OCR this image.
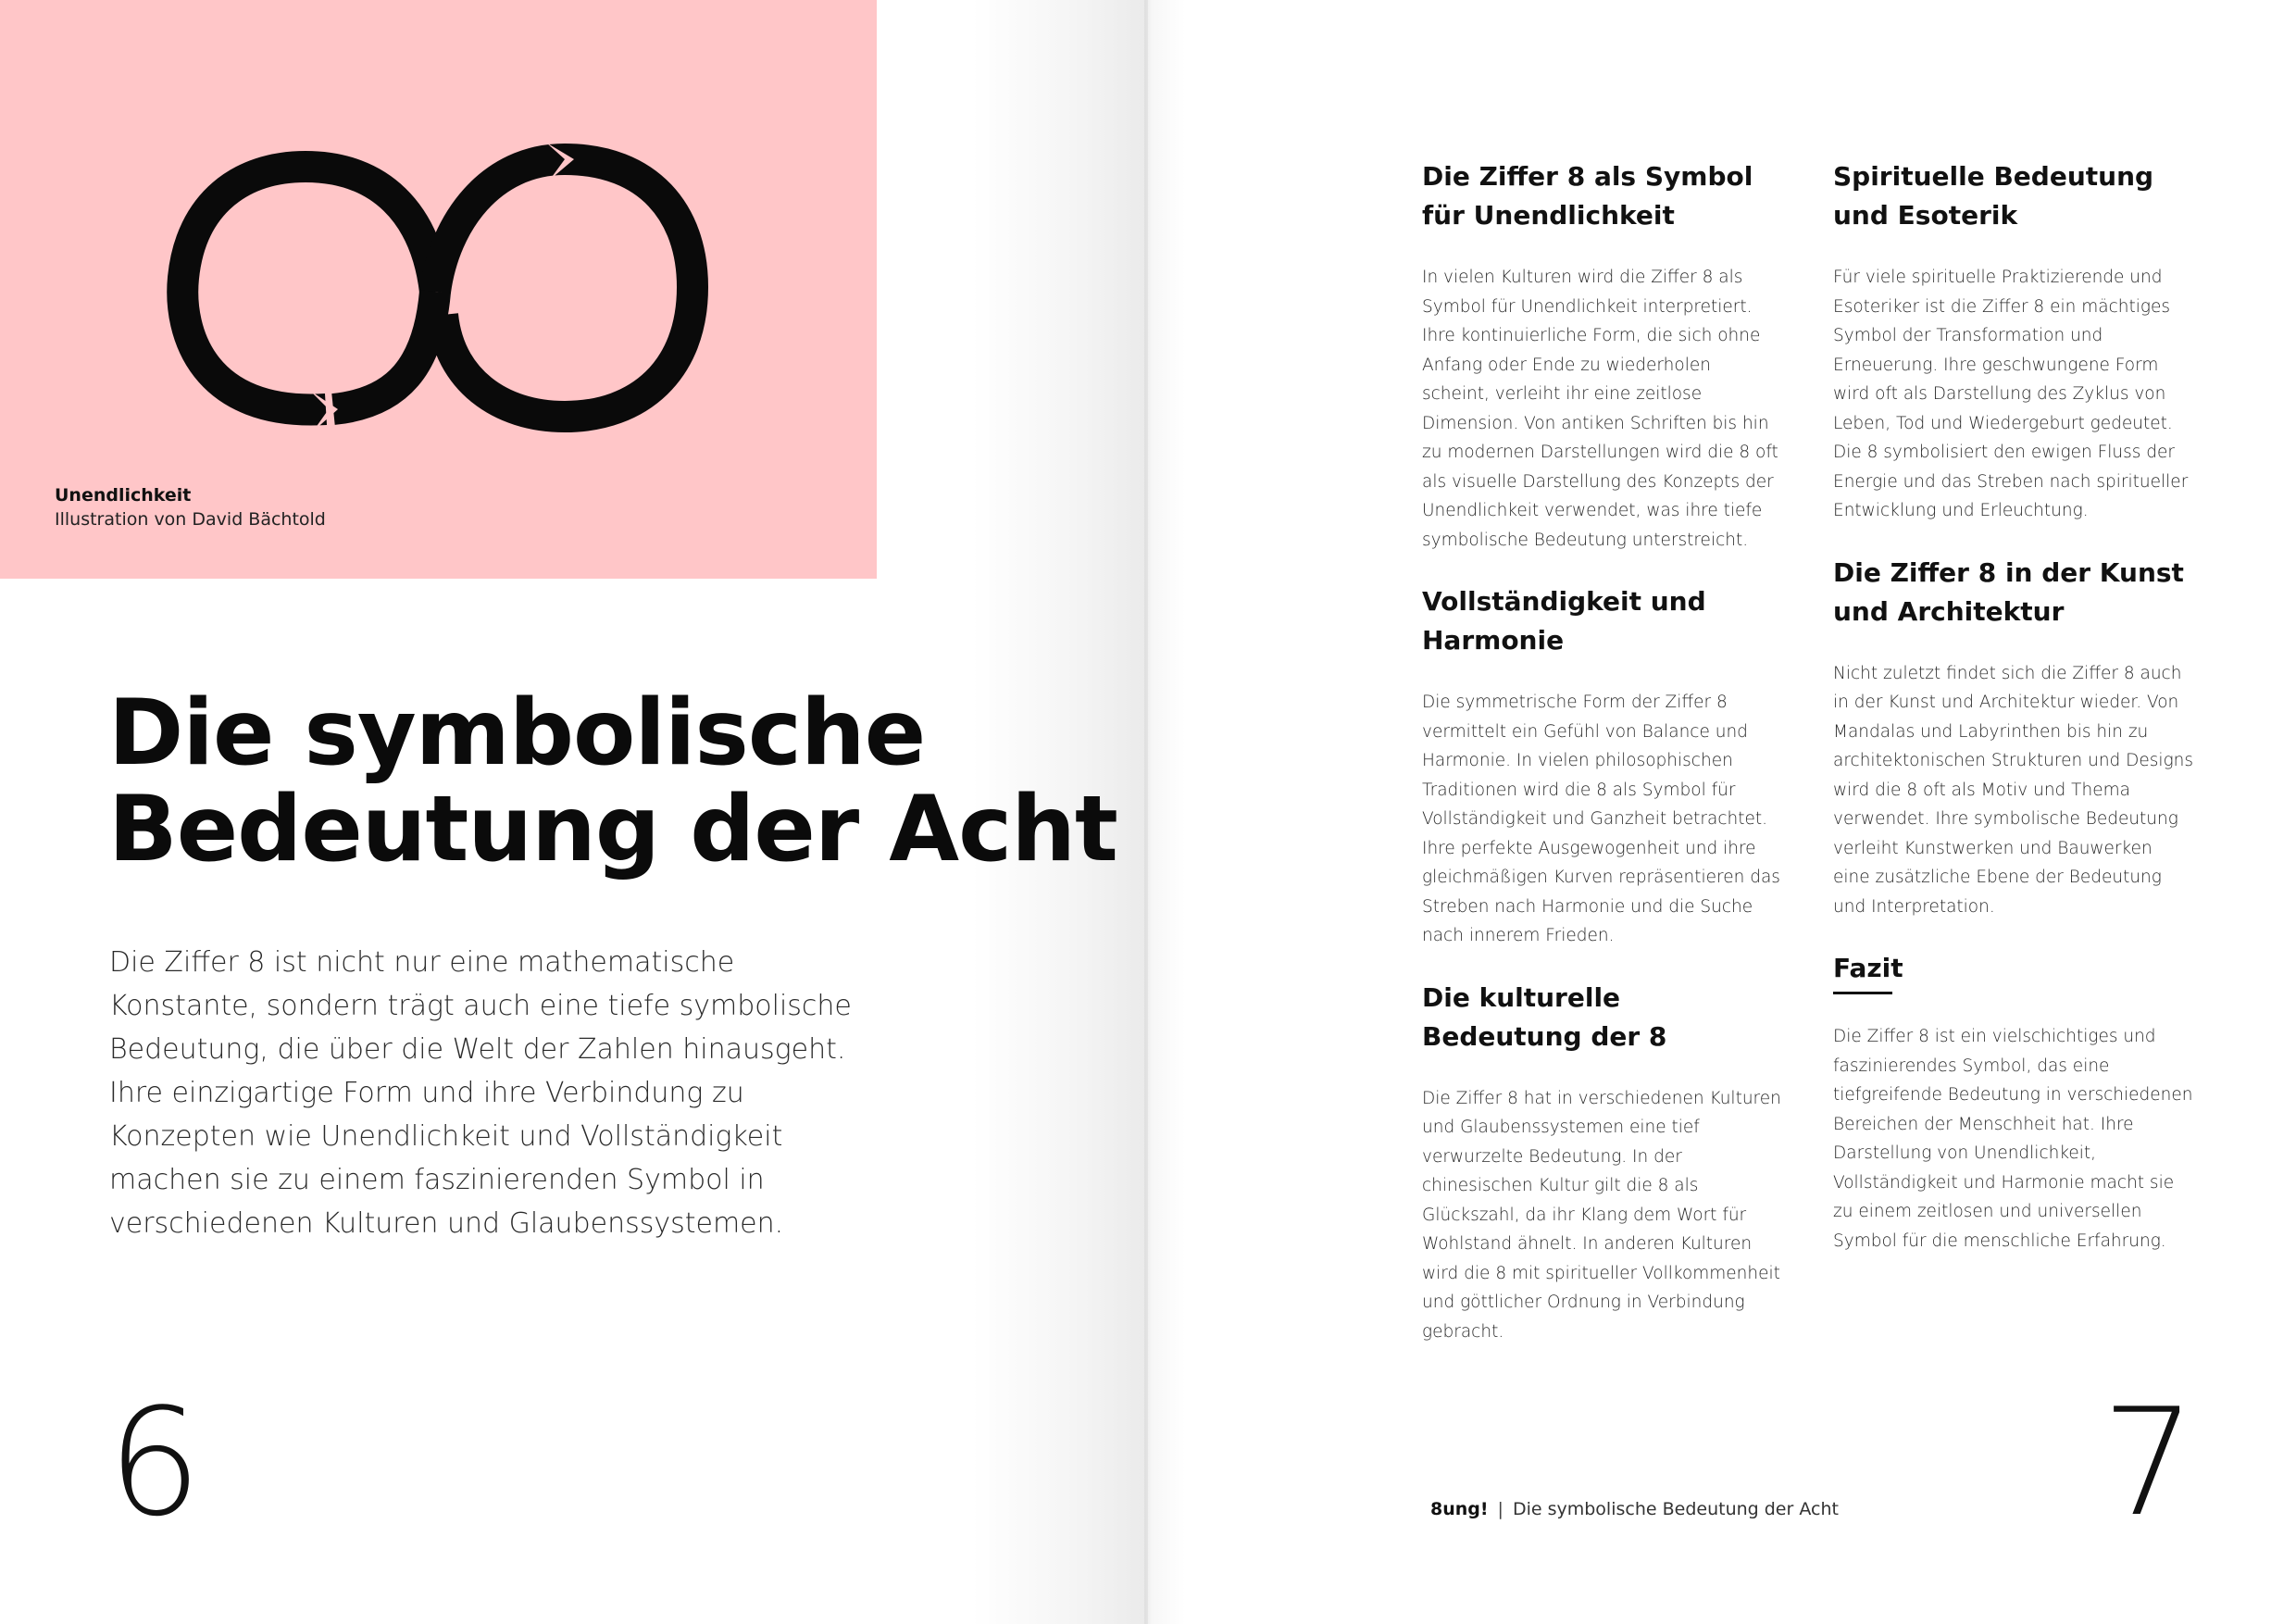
Unendlichkeit
Illustration von David Bächtold
Die symbolische
Bedeutung der Acht

Die Ziffer 8 ist nicht nur eine mathematische Konstante, sondern trägt auch eine tiefe symbolische Bedeutung, die über die Welt der Zahlen hinausgeht. Ihre einzigartige Form und ihre Verbindung zu Konzepten wie Unendlichkeit und Vollständigkeit machen sie zu einem faszinierenden Symbol in verschiedenen Kulturen und Glaubenssystemen.

6
Die Ziffer 8 als Symbol
für Unendlichkeit

In vielen Kulturen wird die Ziffer 8 als Symbol für Unendlichkeit interpretiert. Ihre kontinuierliche Form, die sich ohne Anfang oder Ende zu wiederholen scheint, verleiht ihr eine zeitlose Dimension. Von antiken Schriften bis hin zu modernen Darstellungen wird die 8 oft als visuelle Darstellung des Konzepts der Unendlichkeit verwendet, was ihre tiefe symbolische Bedeutung unterstreicht.

Vollständigkeit und
Harmonie

Die symmetrische Form der Ziffer 8 vermittelt ein Gefühl von Balance und Harmonie. In vielen philosophischen Traditionen wird die 8 als Symbol für Vollständigkeit und Ganzheit betrachtet. Ihre perfekte Ausgewogenheit und ihre gleichmäßigen Kurven repräsentieren das Streben nach Harmonie und die Suche nach innerem Frieden.

Die kulturelle Bedeutung der 8

Die Ziffer 8 hat in verschiedenen Kulturen und Glaubenssystemen eine tief verwurzelte Bedeutung. In der chinesischen Kultur gilt die 8 als Glückszahl, da ihr Klang dem Wort für Wohlstand ähnelt. In anderen Kulturen wird die 8 mit spiritueller Vollkommenheit und göttlicher Ordnung in Verbindung gebracht.

Spirituelle Bedeutung
und Esoterik

Für viele spirituelle Praktizierende und Esoteriker ist die Ziffer 8 ein mächtiges Symbol der Transformation und Erneuerung. Ihre geschwungene Form wird oft als Darstellung des Zyklus von Leben, Tod und Wiedergeburt gedeutet. Die 8 symbolisiert den ewigen Fluss der Energie und das Streben nach spiritueller Entwicklung und Erleuchtung.

Die Ziffer 8 in der Kunst
und Architektur

Nicht zuletzt findet sich die Ziffer 8 auch in der Kunst und Architektur wieder. Von Mandalas und Labyrinthen bis hin zu architektonischen Strukturen und Designs wird die 8 oft als Motiv und Thema verwendet. Ihre symbolische Bedeutung verleiht Kunstwerken und Bauwerken eine zusätzliche Ebene der Bedeutung und Interpretation.

Fazit

Die Ziffer 8 ist ein vielschichtiges und faszinierendes Symbol, das eine tiefgreifende Bedeutung in verschiedenen Bereichen der Menschheit hat. Ihre Darstellung von Unendlichkeit, Vollständigkeit und Harmonie macht sie zu einem zeitlosen und universellen Symbol für die menschliche Erfahrung.

8ung! | Die symbolische Bedeutung der Acht 7
